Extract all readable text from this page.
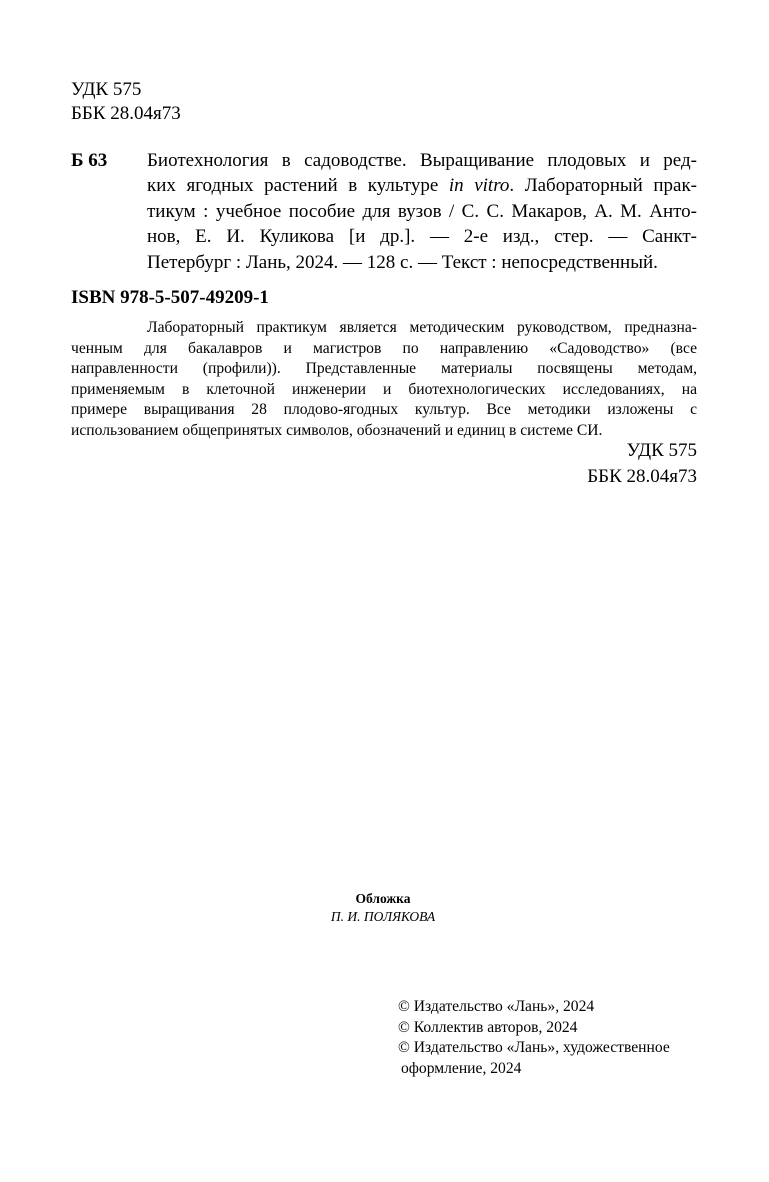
УДК 575
ББК 28.04я73
Б 63 Биотехнология в садоводстве. Выращивание плодовых и ред-
ких ягодных растений в культуре in vitro. Лабораторный прак-
тикум : учебное пособие для вузов / С. С. Макаров, А. М. Анто-
нов, Е. И. Куликова [и др.]. — 2-е изд., стер. — Санкт-
Петербург : Лань, 2024. — 128 с. — Текст : непосредственный.
ISBN 978-5-507-49209-1
Лабораторный практикум является методическим руководством, предназна-
ченным для бакалавров и магистров по направлению «Садоводство» (все
направленности (профили)). Представленные материалы посвящены методам,
применяемым в клеточной инженерии и биотехнологических исследованиях, на
примере выращивания 28 плодово-ягодных культур. Все методики изложены с
использованием общепринятых символов, обозначений и единиц в системе СИ.
УДК 575
ББК 28.04я73
Обложка
П. И. ПОЛЯКОВА
© Издательство «Лань», 2024
© Коллектив авторов, 2024
© Издательство «Лань», художественное
оформление, 2024
